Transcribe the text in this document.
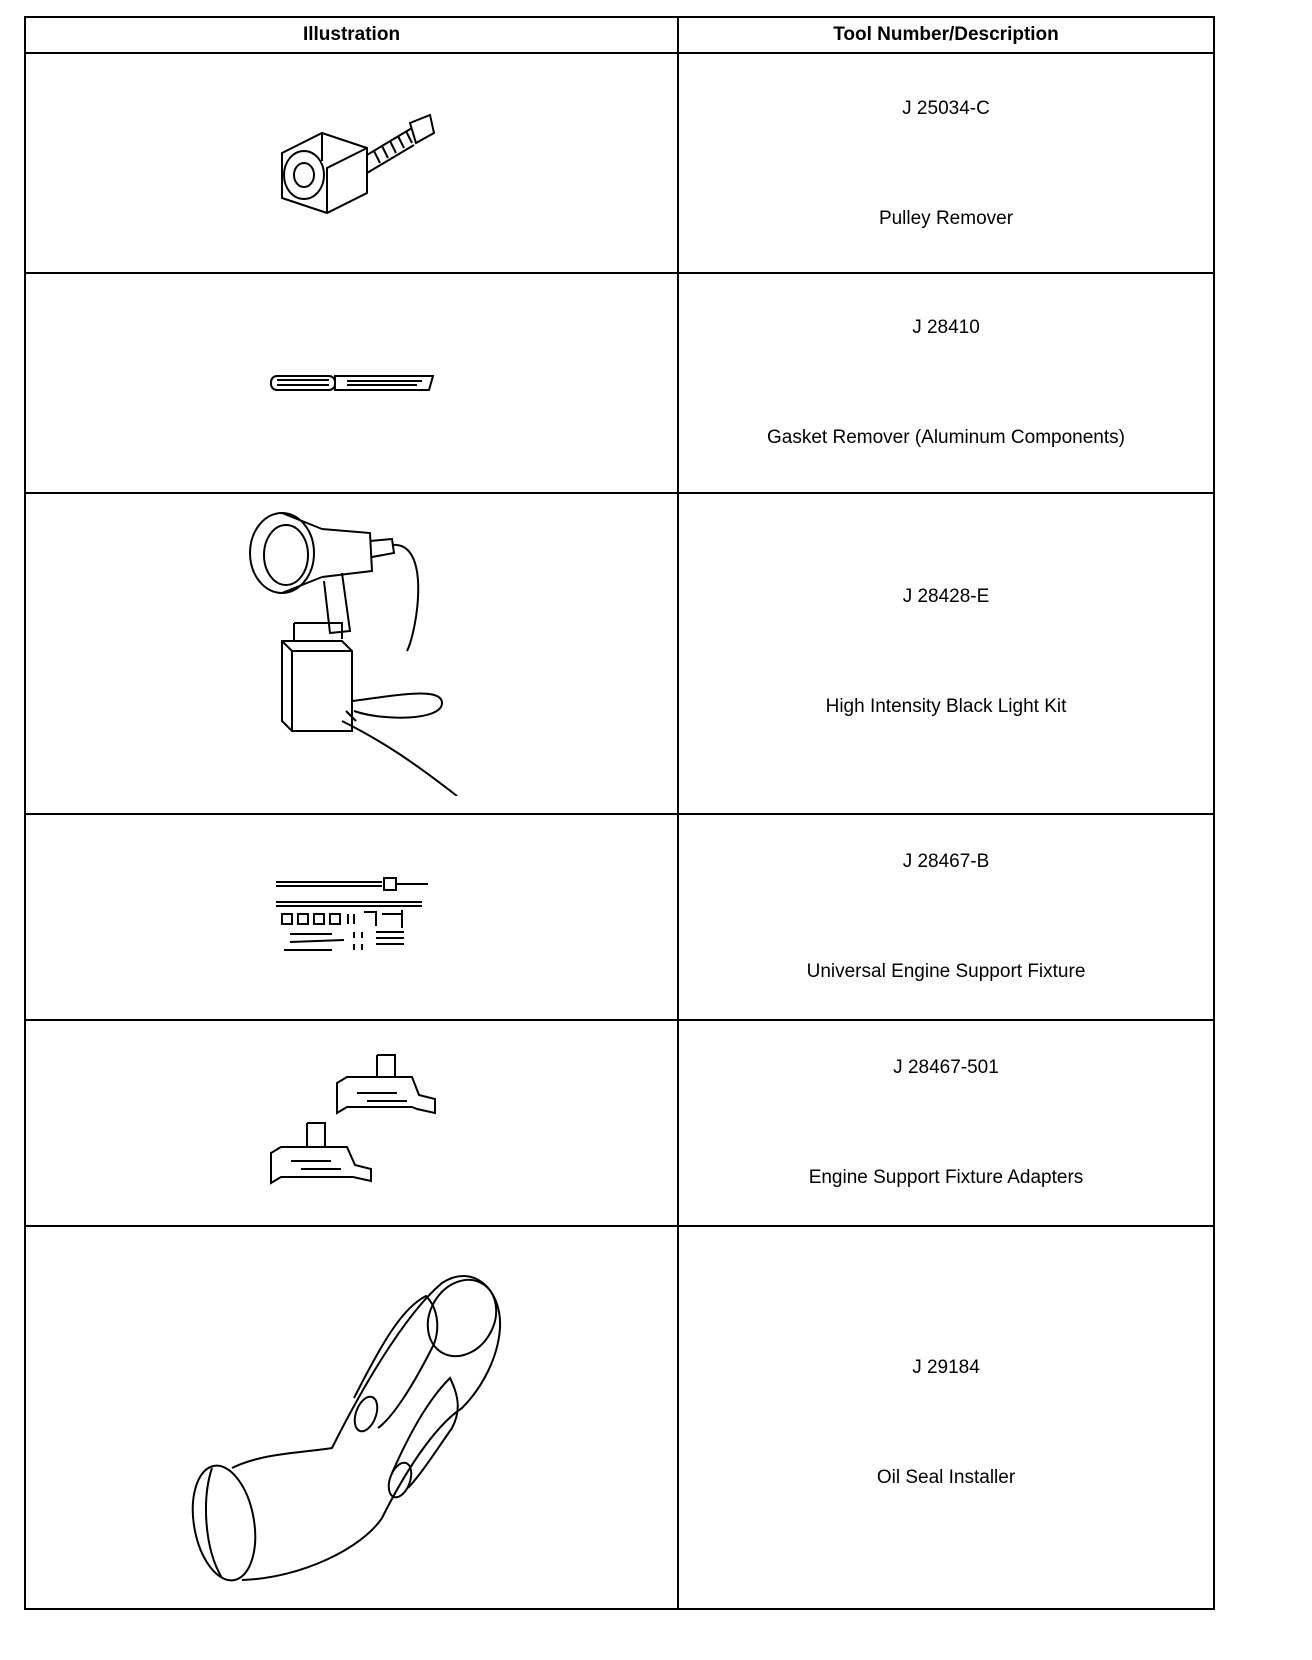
Illustration	Tool Number/Description

J 25034-C
Pulley Remover

J 28410
Gasket Remover (Aluminum Components)

J 28428-E
High Intensity Black Light Kit

J 28467-B
Universal Engine Support Fixture

J 28467-501
Engine Support Fixture Adapters

J 29184
Oil Seal Installer
